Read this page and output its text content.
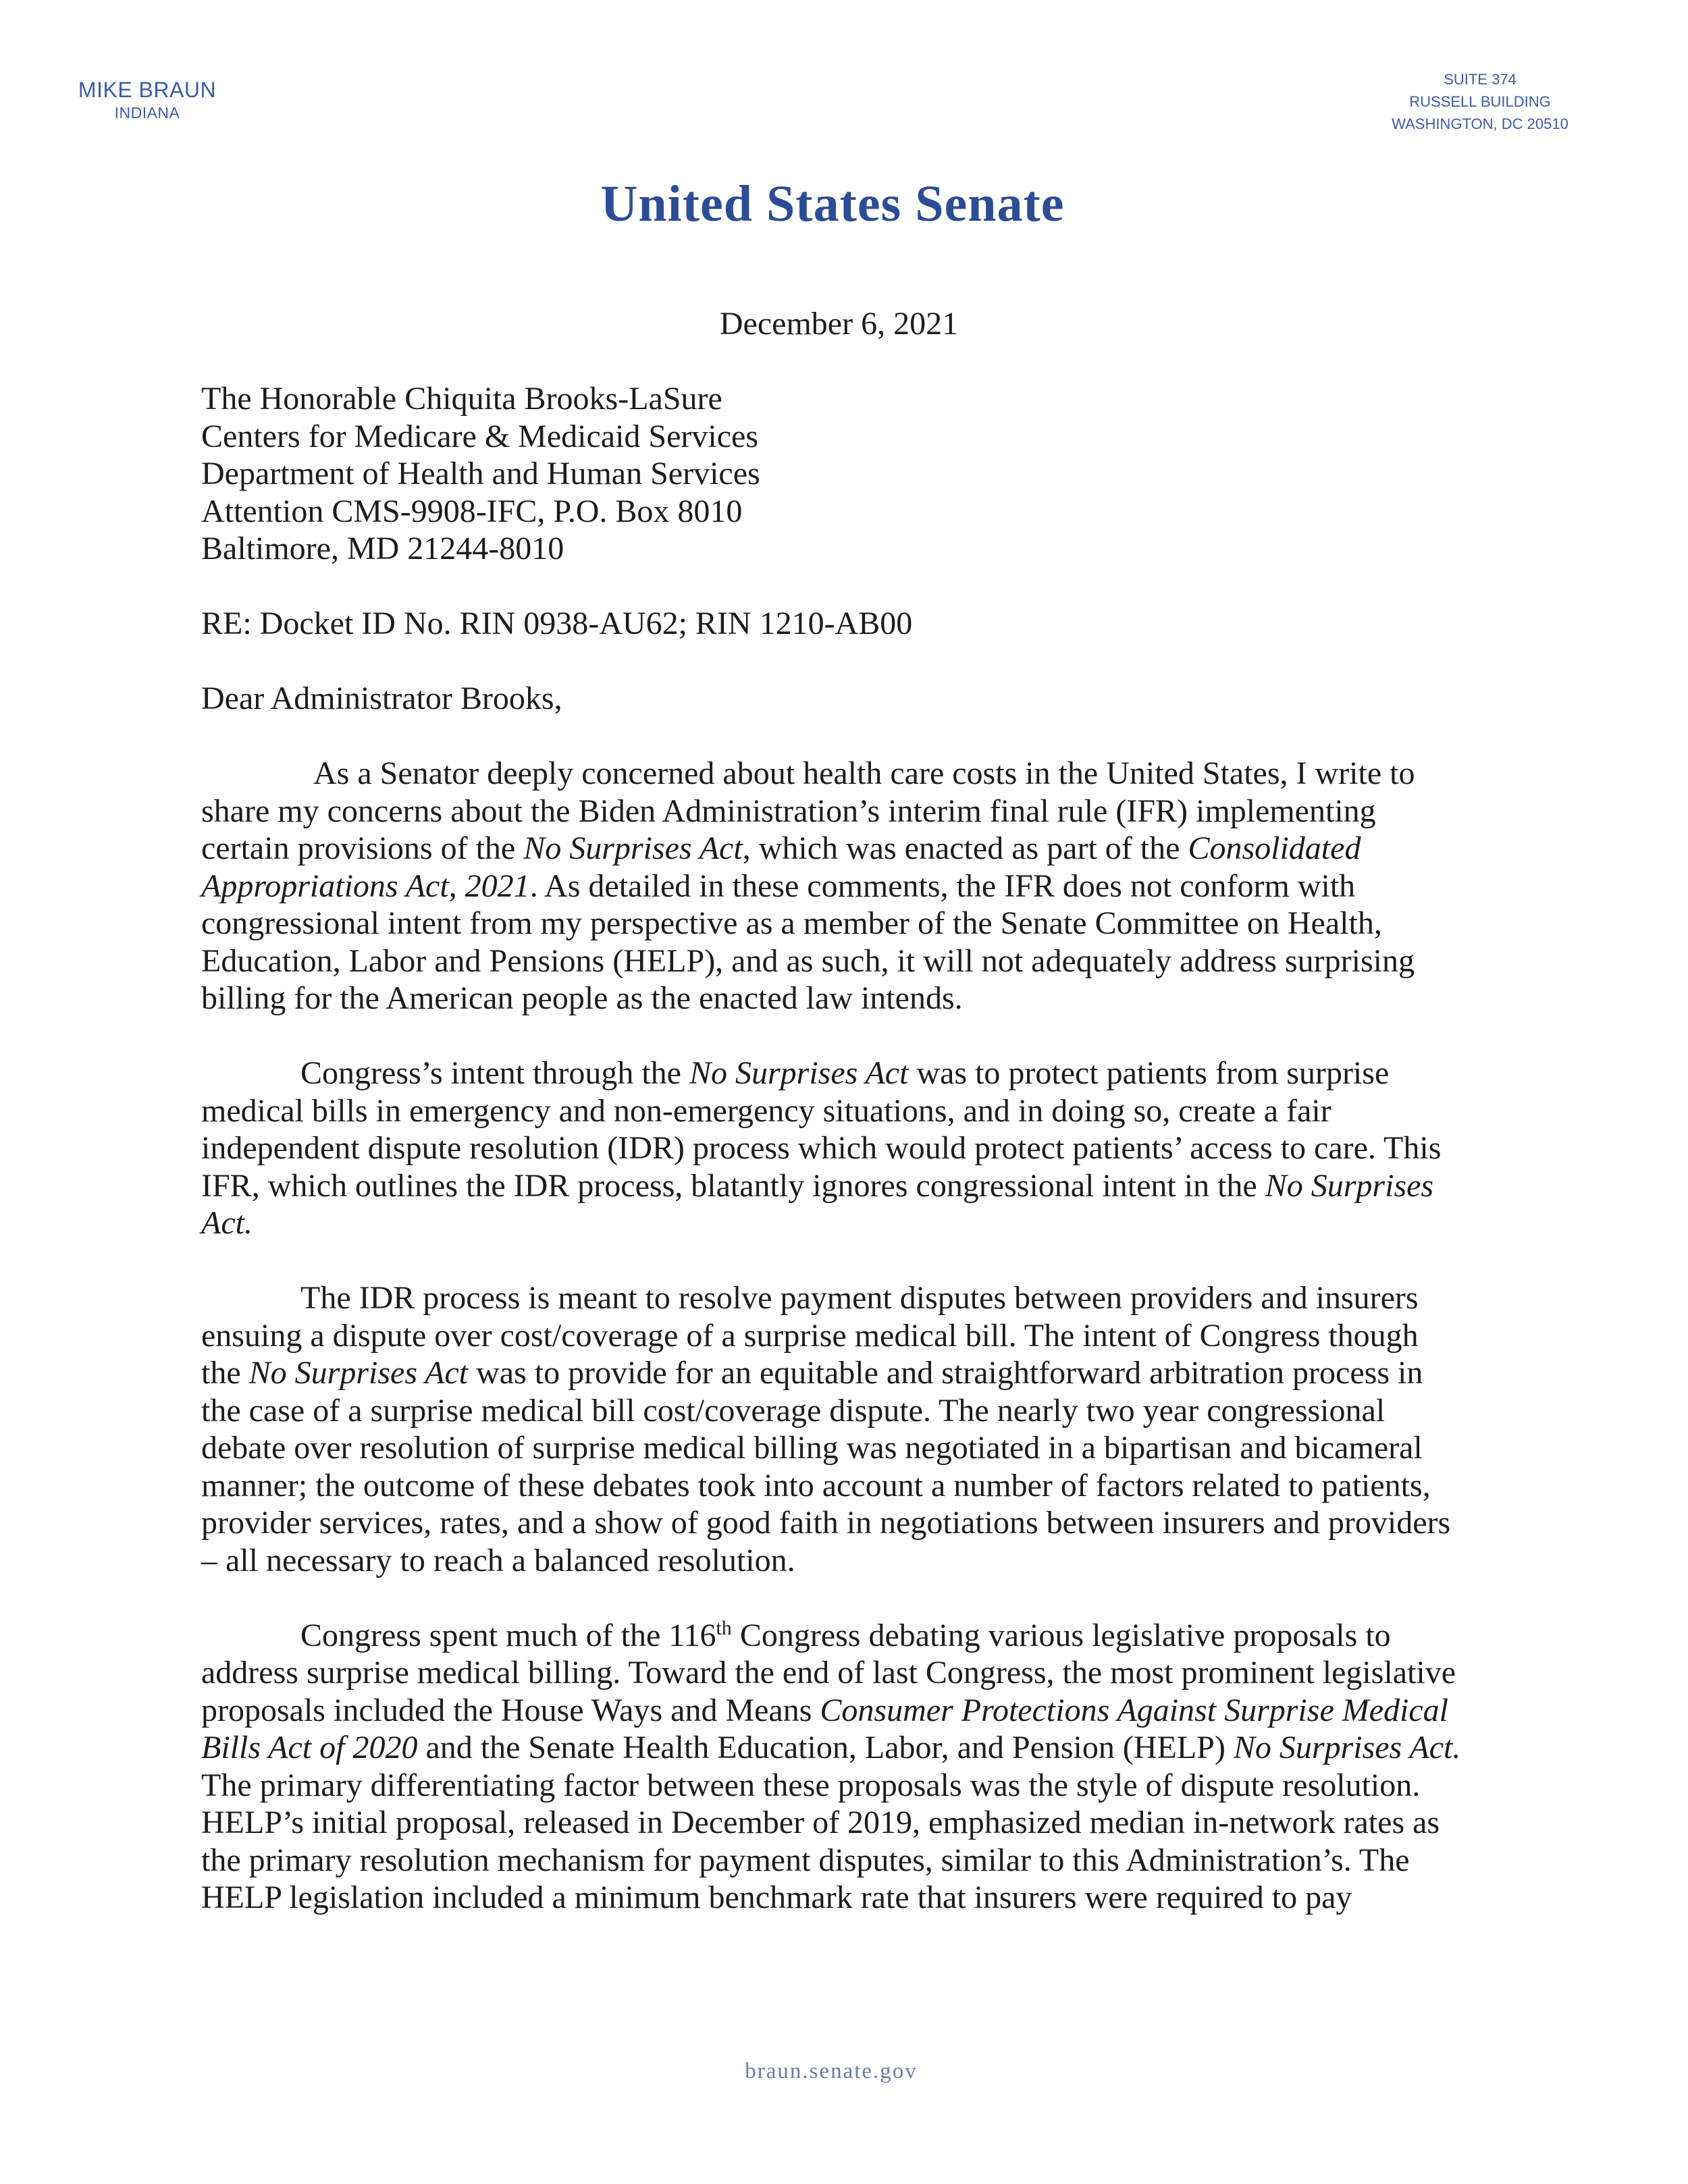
MIKE BRAUN
INDIANA
SUITE 374
RUSSELL BUILDING
WASHINGTON, DC 20510
United States Senate
December 6, 2021
The Honorable Chiquita Brooks-LaSure
Centers for Medicare & Medicaid Services
Department of Health and Human Services
Attention CMS-9908-IFC, P.O. Box 8010
Baltimore, MD 21244-8010
RE: Docket ID No. RIN 0938-AU62; RIN 1210-AB00
Dear Administrator Brooks,
As a Senator deeply concerned about health care costs in the United States, I write to
share my concerns about the Biden Administration’s interim final rule (IFR) implementing
certain provisions of the No Surprises Act, which was enacted as part of the Consolidated
Appropriations Act, 2021. As detailed in these comments, the IFR does not conform with
congressional intent from my perspective as a member of the Senate Committee on Health,
Education, Labor and Pensions (HELP), and as such, it will not adequately address surprising
billing for the American people as the enacted law intends.
Congress’s intent through the No Surprises Act was to protect patients from surprise
medical bills in emergency and non-emergency situations, and in doing so, create a fair
independent dispute resolution (IDR) process which would protect patients’ access to care. This
IFR, which outlines the IDR process, blatantly ignores congressional intent in the No Surprises
Act.
The IDR process is meant to resolve payment disputes between providers and insurers
ensuing a dispute over cost/coverage of a surprise medical bill. The intent of Congress though
the No Surprises Act was to provide for an equitable and straightforward arbitration process in
the case of a surprise medical bill cost/coverage dispute. The nearly two year congressional
debate over resolution of surprise medical billing was negotiated in a bipartisan and bicameral
manner; the outcome of these debates took into account a number of factors related to patients,
provider services, rates, and a show of good faith in negotiations between insurers and providers
– all necessary to reach a balanced resolution.
Congress spent much of the 116th Congress debating various legislative proposals to
address surprise medical billing. Toward the end of last Congress, the most prominent legislative
proposals included the House Ways and Means Consumer Protections Against Surprise Medical
Bills Act of 2020 and the Senate Health Education, Labor, and Pension (HELP) No Surprises Act.
The primary differentiating factor between these proposals was the style of dispute resolution.
HELP’s initial proposal, released in December of 2019, emphasized median in-network rates as
the primary resolution mechanism for payment disputes, similar to this Administration’s. The
HELP legislation included a minimum benchmark rate that insurers were required to pay
braun.senate.gov
